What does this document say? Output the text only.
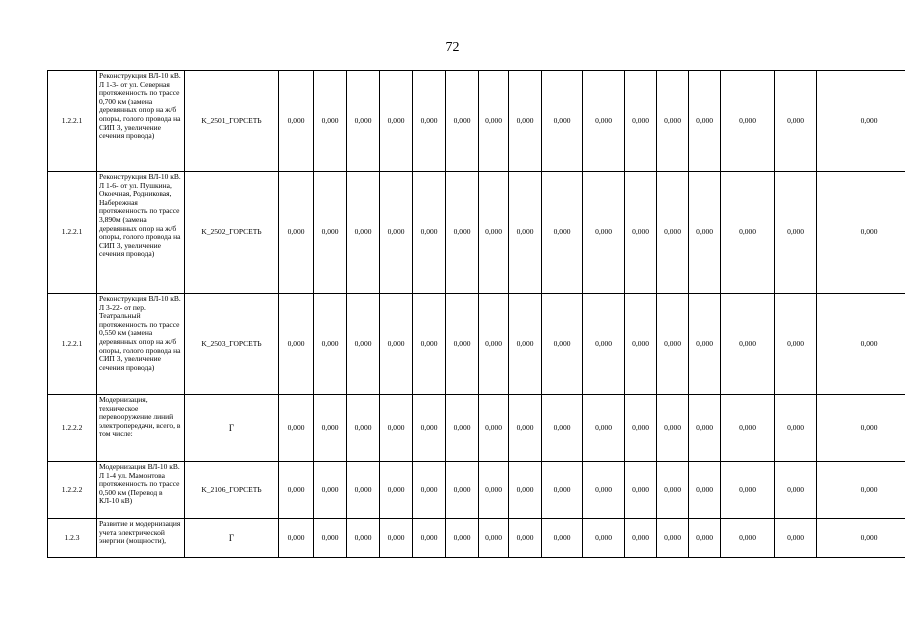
72
1.2.2.1	Реконструкция ВЛ-10 кВ. Л 1-3- от ул. Северная протяженность по трассе 0,700 км (замена деревянных опор на ж/б опоры, голого провода на СИП 3, увеличение сечения провода)	K_2501_ГОРСЕТЬ	0,000	0,000	0,000	0,000	0,000	0,000	0,000	0,000	0,000	0,000	0,000	0,000	0,000	0,000	0,000	0,000
1.2.2.1	Реконструкция ВЛ-10 кВ. Л 1-6- от ул. Пушкина, Окоечная, Родниковая, Набережная протяженность по трассе 3,890м (замена деревянных опор на ж/б опоры, голого провода на СИП 3, увеличение сечения провода)	K_2502_ГОРСЕТЬ	0,000	0,000	0,000	0,000	0,000	0,000	0,000	0,000	0,000	0,000	0,000	0,000	0,000	0,000	0,000	0,000
1.2.2.1	Реконструкция ВЛ-10 кВ. Л 3-22- от пер. Театральный протяженность по трассе 0,550 км (замена деревянных опор на ж/б опоры, голого провода на СИП 3, увеличение сечения провода)	K_2503_ГОРСЕТЬ	0,000	0,000	0,000	0,000	0,000	0,000	0,000	0,000	0,000	0,000	0,000	0,000	0,000	0,000	0,000	0,000
1.2.2.2	Модернизация, техническое перевооружение линий электропередачи, всего, в том числе:	Г	0,000	0,000	0,000	0,000	0,000	0,000	0,000	0,000	0,000	0,000	0,000	0,000	0,000	0,000	0,000	0,000
1.2.2.2	Модернизация ВЛ-10 кВ. Л 1-4 ул. Мамонтова протяженность по трассе 0,500 км (Перевод в КЛ-10 кВ)	K_2106_ГОРСЕТЬ	0,000	0,000	0,000	0,000	0,000	0,000	0,000	0,000	0,000	0,000	0,000	0,000	0,000	0,000	0,000	0,000
1.2.3	Развитие и модернизация учета электрической энергии (мощности),	Г	0,000	0,000	0,000	0,000	0,000	0,000	0,000	0,000	0,000	0,000	0,000	0,000	0,000	0,000	0,000	0,000
